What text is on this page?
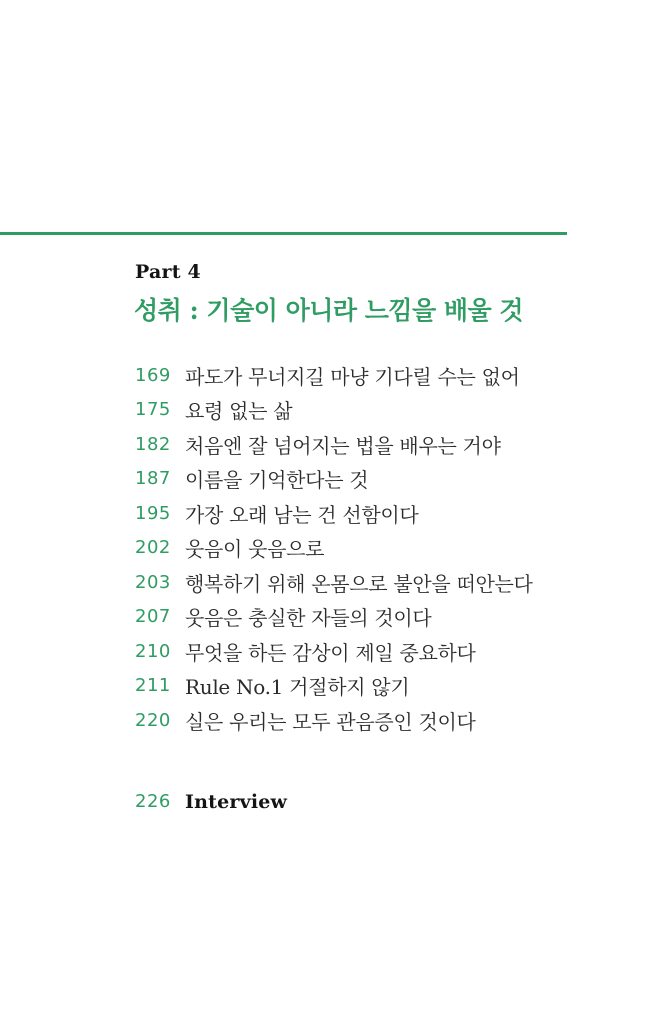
Part 4
성취 : 기술이 아니라 느낌을 배울 것
169 파도가 무너지길 마냥 기다릴 수는 없어
175 요령 없는 삶
182 처음엔 잘 넘어지는 법을 배우는 거야
187 이름을 기억한다는 것
195 가장 오래 남는 건 선함이다
202 웃음이 웃음으로
203 행복하기 위해 온몸으로 불안을 떠안는다
207 웃음은 충실한 자들의 것이다
210 무엇을 하든 감상이 제일 중요하다
211 Rule No.1 거절하지 않기
220 실은 우리는 모두 관음증인 것이다
226 Interview
